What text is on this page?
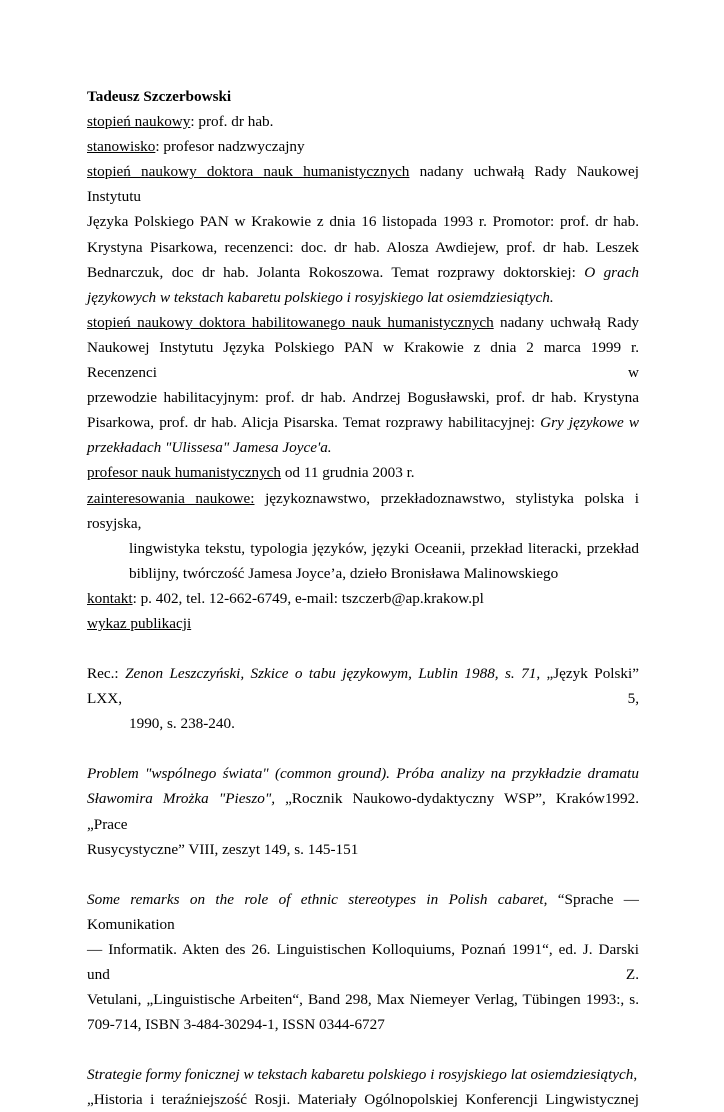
Tadeusz Szczerbowski

stopień naukowy: prof. dr hab.

stanowisko: profesor nadzwyczajny

stopień naukowy doktora nauk humanistycznych nadany uchwałą Rady Naukowej Instytutu

Języka Polskiego PAN w Krakowie z dnia 16 listopada 1993 r. Promotor: prof. dr hab.

Krystyna Pisarkowa, recenzenci: doc. dr hab. Alosza Awdiejew, prof. dr hab. Leszek

Bednarczuk, doc dr hab. Jolanta Rokoszowa. Temat rozprawy doktorskiej: O grach

językowych w tekstach kabaretu polskiego i rosyjskiego lat osiemdziesiątych.

stopień naukowy doktora habilitowanego nauk humanistycznych nadany uchwałą Rady

Naukowej Instytutu Języka Polskiego PAN w Krakowie z dnia 2 marca 1999 r. Recenzenci w

przewodzie habilitacyjnym: prof. dr hab. Andrzej Bogusławski, prof. dr hab. Krystyna

Pisarkowa, prof. dr hab. Alicja Pisarska. Temat rozprawy habilitacyjnej: Gry językowe w

przekładach "Ulissesa" Jamesa Joyce'a.

profesor nauk humanistycznych od 11 grudnia 2003 r.

zainteresowania naukowe: językoznawstwo, przekładoznawstwo, stylistyka polska i rosyjska,

lingwistyka tekstu, typologia języków, języki Oceanii, przekład literacki, przekład

biblijny, twórczość Jamesa Joyce’a, dzieło Bronisława Malinowskiego

kontakt: p. 402, tel. 12-662-6749, e-mail: tszczerb@ap.krakow.pl

wykaz publikacji

Rec.: Zenon Leszczyński, Szkice o tabu językowym, Lublin 1988, s. 71, „Język Polski” LXX, 5,

1990, s. 238-240.

Problem "wspólnego świata" (common ground). Próba analizy na przykładzie dramatu

Sławomira Mrożka "Pieszo", „Rocznik Naukowo-dydaktyczny WSP”, Kraków1992. „Prace

Rusycystyczne” VIII, zeszyt 149, s. 145-151

Some remarks on the role of ethnic stereotypes in Polish cabaret, “Sprache — Komunikation

— Informatik. Akten des 26. Linguistischen Kolloquiums, Poznań 1991“, ed. J. Darski und Z.

Vetulani, „Linguistische Arbeiten“, Band 298, Max Niemeyer Verlag, Tübingen 1993:, s.

709-714, ISBN 3-484-30294-1, ISSN 0344-6727

Strategie formy fonicznej w tekstach kabaretu polskiego i rosyjskiego lat osiemdziesiątych,

„Historia i teraźniejszość Rosji. Materiały Ogólnopolskiej Konferencji Lingwistycznej
